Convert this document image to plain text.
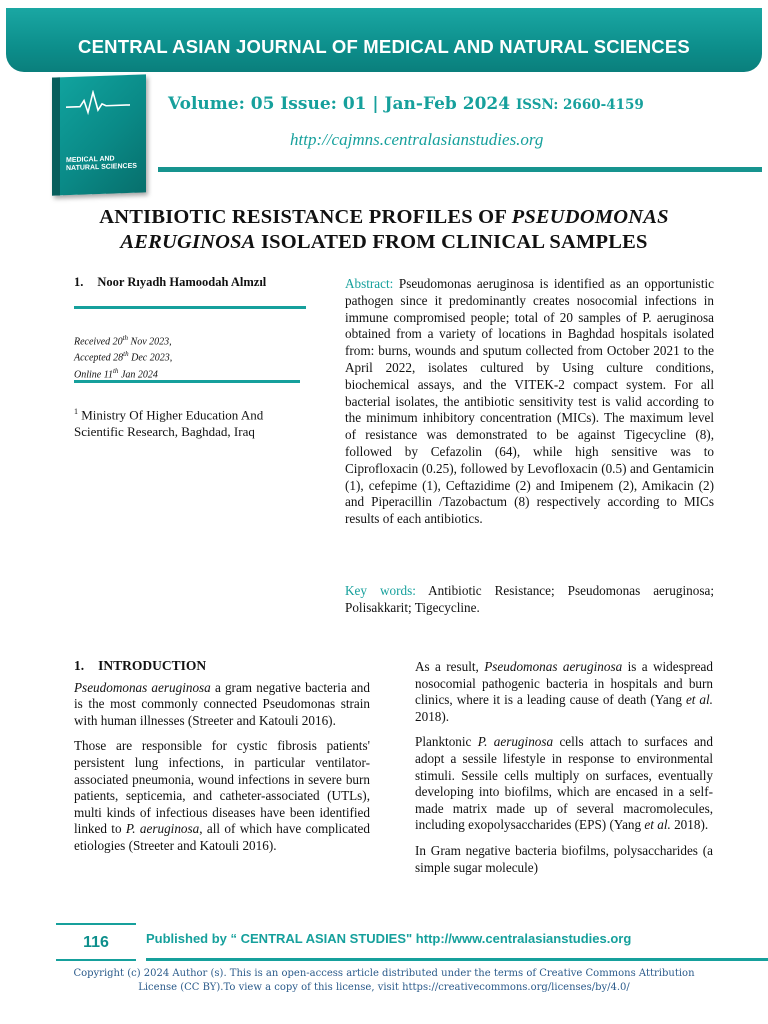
CENTRAL ASIAN JOURNAL OF MEDICAL AND NATURAL SCIENCES
MEDICAL AND NATURAL SCIENCES
Volume: 05 Issue: 01 | Jan-Feb 2024 ISSN: 2660-4159
http://cajmns.centralasianstudies.org
ANTIBIOTIC RESISTANCE PROFILES OF PSEUDOMONAS
AERUGINOSA ISOLATED FROM CLINICAL SAMPLES
1. Noor Rıyadh Hamoodah Almzıl
Received 20th Nov 2023,
Accepted 28th Dec 2023,
Online 11th Jan 2024
$^1$ Ministry Of Higher Education And Scientific Research, Baghdad, Iraq
Abstract: Pseudomonas aeruginosa is identified as an opportunistic pathogen since it predominantly creates nosocomial infections in immune compromised people; total of 20 samples of P. aeruginosa obtained from a variety of locations in Baghdad hospitals isolated from: burns, wounds and sputum collected from October 2021 to the April 2022, isolates cultured by Using culture conditions, biochemical assays, and the VITEK-2 compact system. For all bacterial isolates, the antibiotic sensitivity test is valid according to the minimum inhibitory concentration (MICs). The maximum level of resistance was demonstrated to be against Tigecycline (8), followed by Cefazolin (64), while high sensitive was to Ciprofloxacin (0.25), followed by Levofloxacin (0.5) and Gentamicin (1), cefepime (1), Ceftazidime (2) and Imipenem (2), Amikacin (2) and Piperacillin /Tazobactum (8) respectively according to MICs results of each antibiotics.
Key words: Antibiotic Resistance; Pseudomonas aeruginosa; Polisakkarit; Tigecycline.
1. INTRODUCTION

Pseudomonas aeruginosa a gram negative bacteria and is the most commonly connected Pseudomonas strain with human illnesses (Streeter and Katouli 2016).

Those are responsible for cystic fibrosis patients' persistent lung infections, in particular ventilator-associated pneumonia, wound infections in severe burn patients, septicemia, and catheter-associated (UTLs), multi kinds of infectious diseases have been identified linked to P. aeruginosa, all of which have complicated etiologies (Streeter and Katouli 2016).

As a result, Pseudomonas aeruginosa is a widespread nosocomial pathogenic bacteria in hospitals and burn clinics, where it is a leading cause of death (Yang et al. 2018).

Planktonic P. aeruginosa cells attach to surfaces and adopt a sessile lifestyle in response to environmental stimuli. Sessile cells multiply on surfaces, eventually developing into biofilms, which are encased in a self-made matrix made up of several macromolecules, including exopolysaccharides (EPS) (Yang et al. 2018).

In Gram negative bacteria biofilms, polysaccharides (a simple sugar molecule)

116	Published by “ CENTRAL ASIAN STUDIES" http://www.centralasianstudies.org
Copyright (c) 2024 Author (s). This is an open-access article distributed under the terms of Creative Commons Attribution License (CC BY).To view a copy of this license, visit https://creativecommons.org/licenses/by/4.0/
